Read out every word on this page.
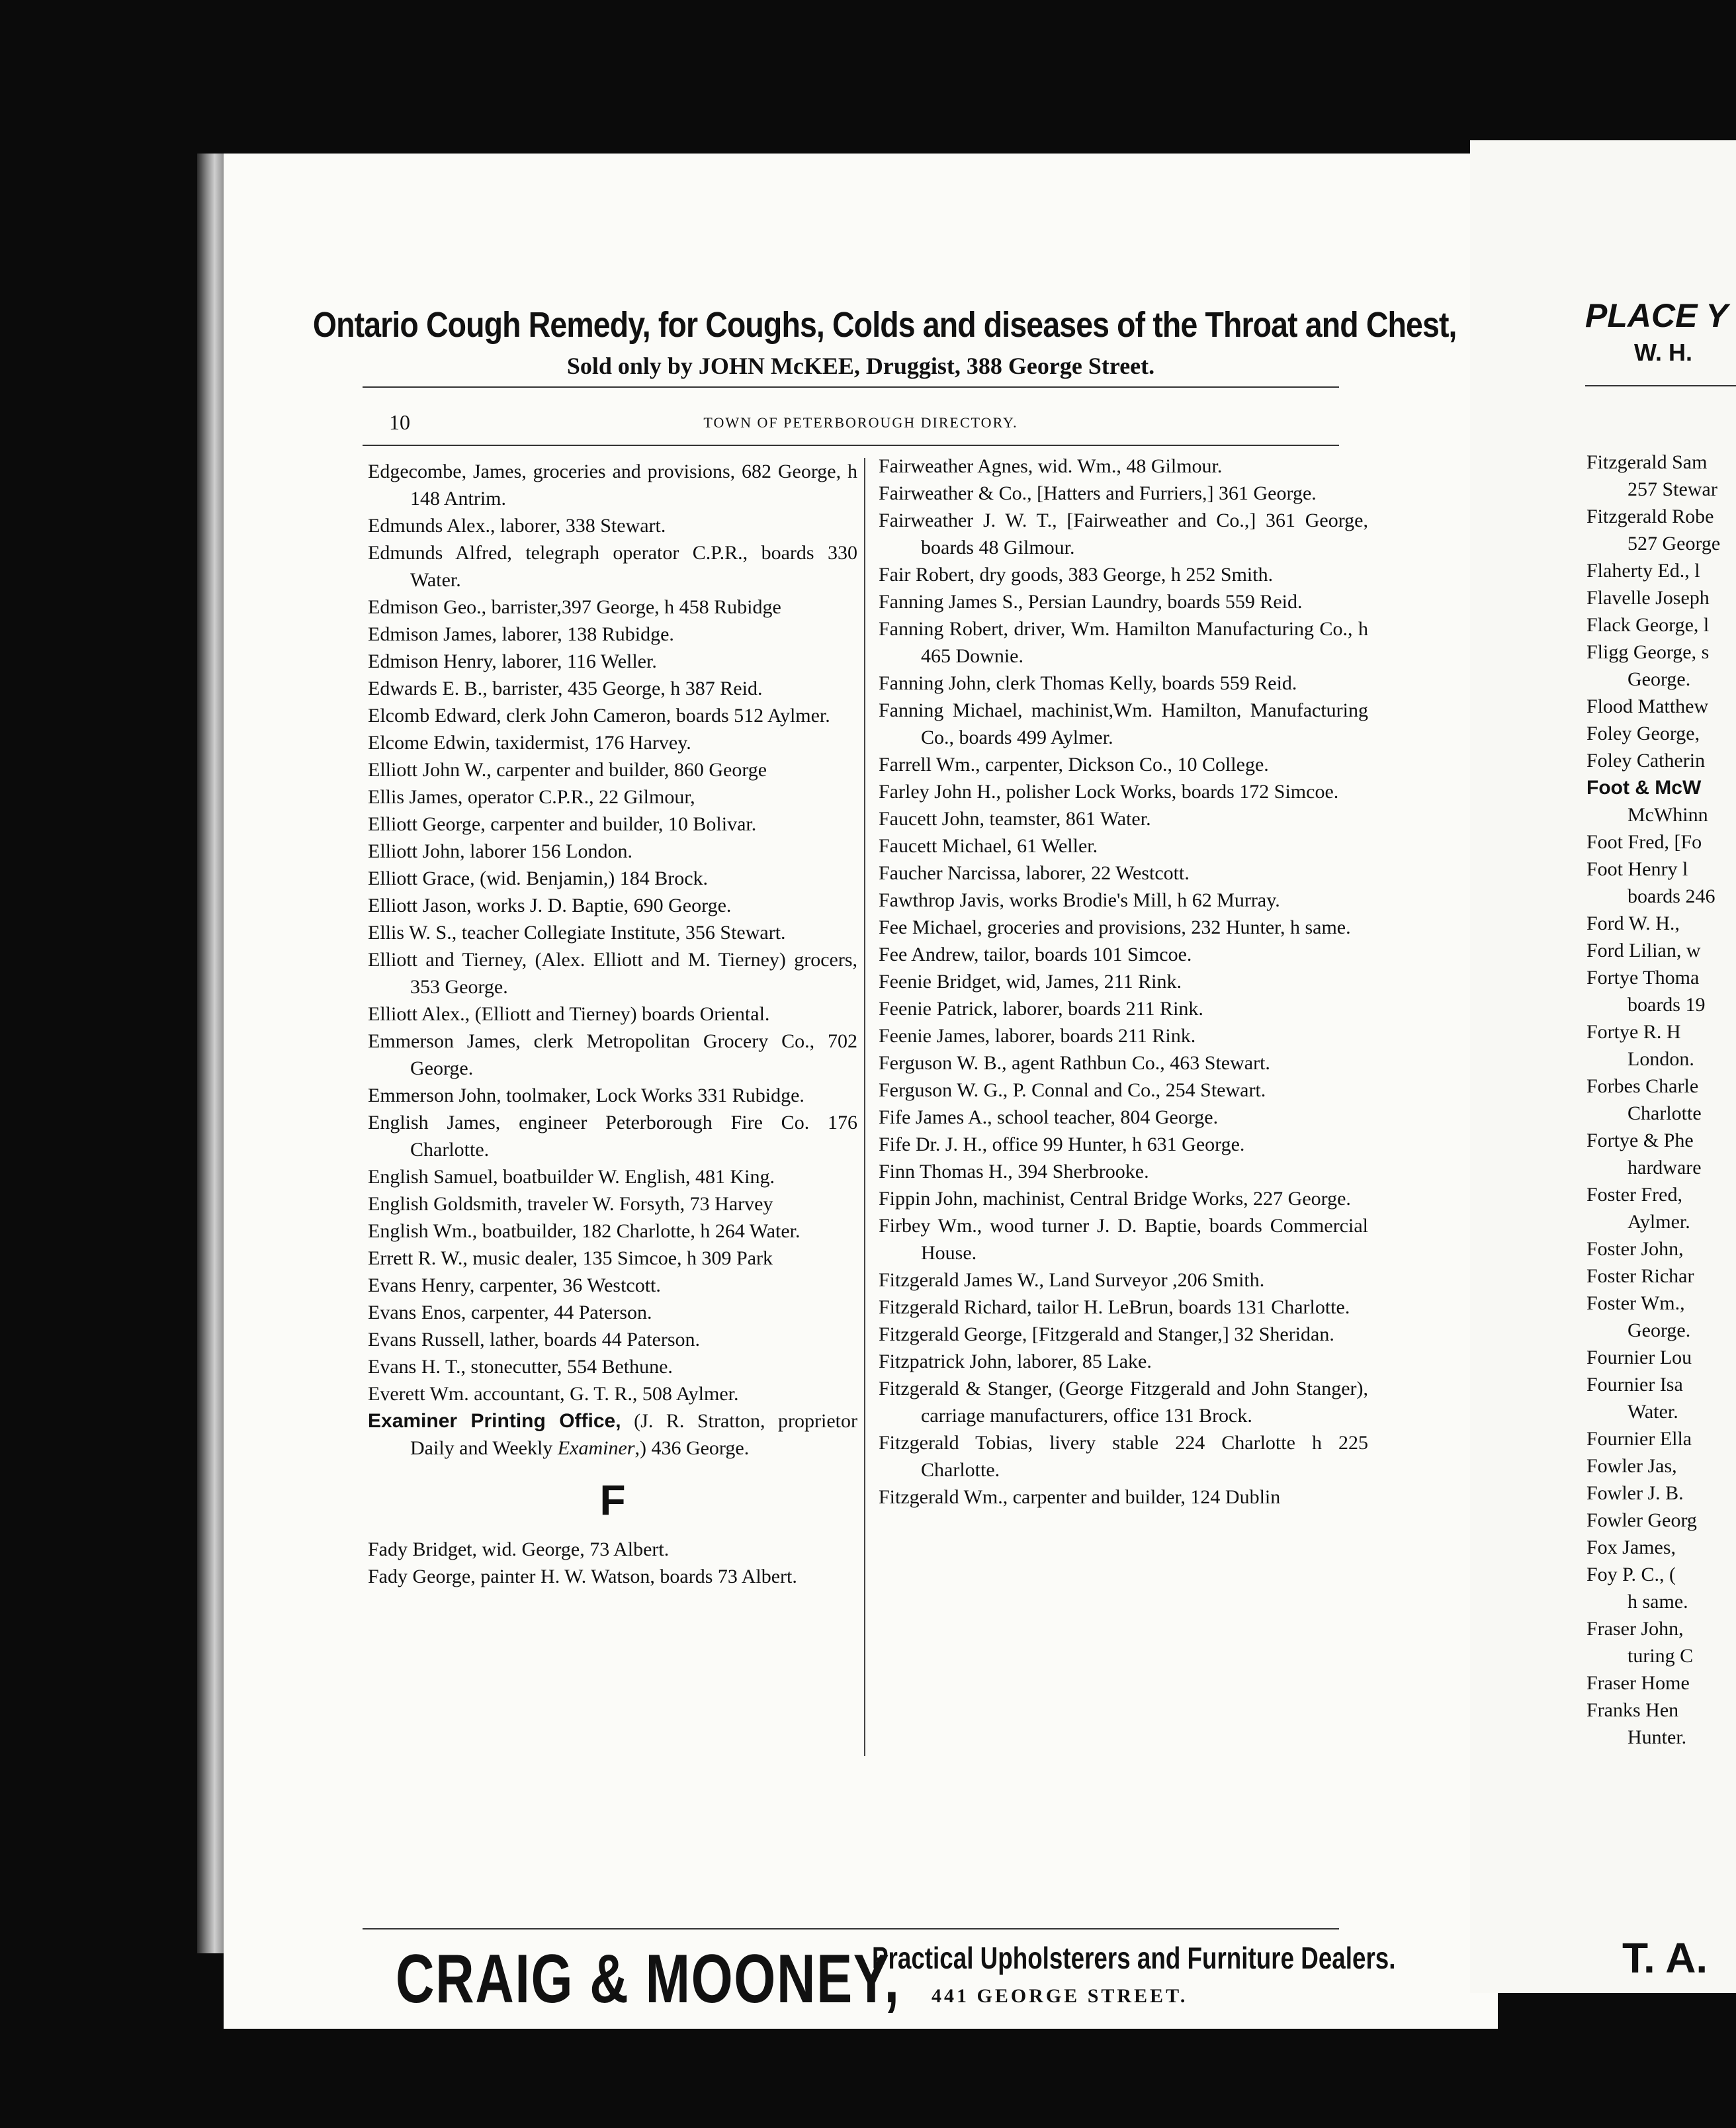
Ontario Cough Remedy, for Coughs, Colds and diseases of the Throat and Chest,
Sold only by JOHN McKEE, Druggist, 388 George Street.
10	TOWN OF PETERBOROUGH DIRECTORY.
Edgecombe, James, groceries and provisions, 682 George, h 148 Antrim.
Edmunds Alex., laborer, 338 Stewart.
Edmunds Alfred, telegraph operator C.P.R., boards 330 Water.
Edmison Geo., barrister,397 George, h 458 Rubidge
Edmison James, laborer, 138 Rubidge.
Edmison Henry, laborer, 116 Weller.
Edwards E. B., barrister, 435 George, h 387 Reid.
Elcomb Edward, clerk John Cameron, boards 512 Aylmer.
Elcome Edwin, taxidermist, 176 Harvey.
Elliott John W., carpenter and builder, 860 George
Ellis James, operator C.P.R., 22 Gilmour,
Elliott George, carpenter and builder, 10 Bolivar.
Elliott John, laborer 156 London.
Elliott Grace, (wid. Benjamin,) 184 Brock.
Elliott Jason, works J. D. Baptie, 690 George.
Ellis W. S., teacher Collegiate Institute, 356 Stewart.
Elliott and Tierney, (Alex. Elliott and M. Tierney) grocers, 353 George.
Elliott Alex., (Elliott and Tierney) boards Oriental.
Emmerson James, clerk Metropolitan Grocery Co., 702 George.
Emmerson John, toolmaker, Lock Works 331 Rubidge.
English James, engineer Peterborough Fire Co. 176 Charlotte.
English Samuel, boatbuilder W. English, 481 King.
English Goldsmith, traveler W. Forsyth, 73 Harvey
English Wm., boatbuilder, 182 Charlotte, h 264 Water.
Errett R. W., music dealer, 135 Simcoe, h 309 Park
Evans Henry, carpenter, 36 Westcott.
Evans Enos, carpenter, 44 Paterson.
Evans Russell, lather, boards 44 Paterson.
Evans H. T., stonecutter, 554 Bethune.
Everett Wm. accountant, G. T. R., 508 Aylmer.
Examiner Printing Office, (J. R. Stratton, proprietor Daily and Weekly Examiner,) 436 George.
F
Fady Bridget, wid. George, 73 Albert.
Fady George, painter H. W. Watson, boards 73 Albert.
Fairweather Agnes, wid. Wm., 48 Gilmour.
Fairweather & Co., [Hatters and Furriers,] 361 George.
Fairweather J. W. T., [Fairweather and Co.,] 361 George, boards 48 Gilmour.
Fair Robert, dry goods, 383 George, h 252 Smith.
Fanning James S., Persian Laundry, boards 559 Reid.
Fanning Robert, driver, Wm. Hamilton Manufacturing Co., h 465 Downie.
Fanning John, clerk Thomas Kelly, boards 559 Reid.
Fanning Michael, machinist,Wm. Hamilton, Manufacturing Co., boards 499 Aylmer.
Farrell Wm., carpenter, Dickson Co., 10 College.
Farley John H., polisher Lock Works, boards 172 Simcoe.
Faucett John, teamster, 861 Water.
Faucett Michael, 61 Weller.
Faucher Narcissa, laborer, 22 Westcott.
Fawthrop Javis, works Brodie's Mill, h 62 Murray.
Fee Michael, groceries and provisions, 232 Hunter, h same.
Fee Andrew, tailor, boards 101 Simcoe.
Feenie Bridget, wid, James, 211 Rink.
Feenie Patrick, laborer, boards 211 Rink.
Feenie James, laborer, boards 211 Rink.
Ferguson W. B., agent Rathbun Co., 463 Stewart.
Ferguson W. G., P. Connal and Co., 254 Stewart.
Fife James A., school teacher, 804 George.
Fife Dr. J. H., office 99 Hunter, h 631 George.
Finn Thomas H., 394 Sherbrooke.
Fippin John, machinist, Central Bridge Works, 227 George.
Firbey Wm., wood turner J. D. Baptie, boards Commercial House.
Fitzgerald James W., Land Surveyor ,206 Smith.
Fitzgerald Richard, tailor H. LeBrun, boards 131 Charlotte.
Fitzgerald George, [Fitzgerald and Stanger,] 32 Sheridan.
Fitzpatrick John, laborer, 85 Lake.
Fitzgerald & Stanger, (George Fitzgerald and John Stanger), carriage manufacturers, office 131 Brock.
Fitzgerald Tobias, livery stable 224 Charlotte h 225 Charlotte.
Fitzgerald Wm., carpenter and builder, 124 Dublin
CRAIG & MOONEY,
Practical Upholsterers and Furniture Dealers.
441 GEORGE STREET.
PLACE Y
W. H.
Fitzgerald Sam
257 Stewar
Fitzgerald Robe
527 George
Flaherty Ed., l
Flavelle Joseph
Flack George, l
Fligg George, s
George.
Flood Matthew
Foley George,
Foley Catherin
Foot & McW
McWhinn
Foot Fred, [Fo
Foot Henry l
boards 246
Ford W. H.,
Ford Lilian, w
Fortye Thoma
boards 19
Fortye R. H
London.
Forbes Charle
Charlotte
Fortye & Phe
hardware
Foster Fred,
Aylmer.
Foster John,
Foster Richar
Foster Wm.,
George.
Fournier Lou
Fournier Isa
Water.
Fournier Ella
Fowler Jas,
Fowler J. B.
Fowler Georg
Fox James,
Foy P. C., (
h same.
Fraser John,
turing C
Fraser Home
Franks Hen
Hunter.
T. A.
